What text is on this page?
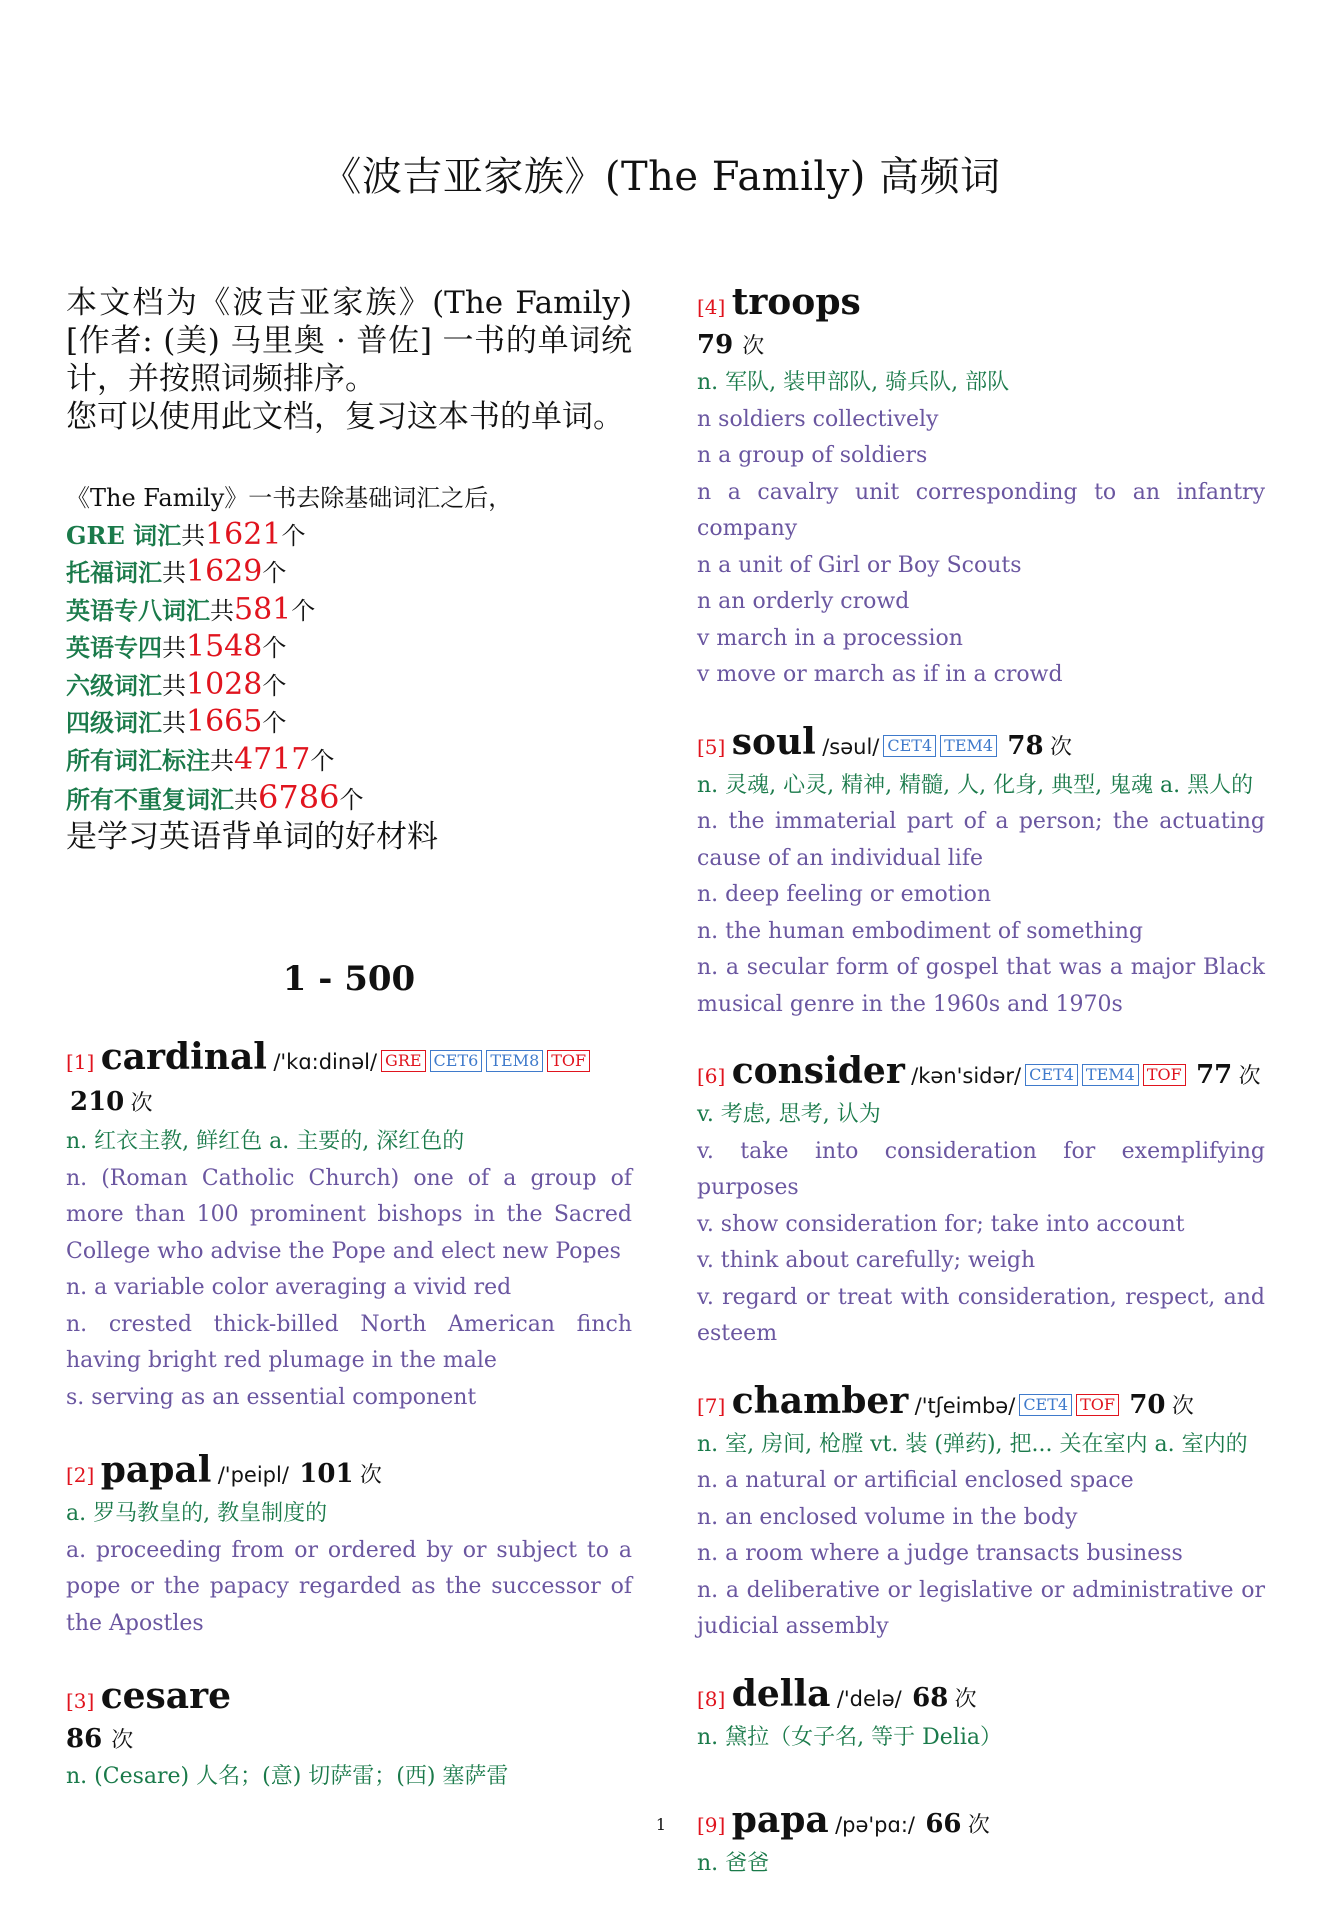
《波吉亚家族》(The Family) 高频词

本文档为《波吉亚家族》(The Family)[作者: (美) 马里奥 · 普佐] 一书的单词统计，并按照词频排序。
您可以使用此文档，复习这本书的单词。

《The Family》一书去除基础词汇之后，
GRE 词汇共1621个
托福词汇共1629个
英语专八词汇共581个
英语专四共1548个
六级词汇共1028个
四级词汇共1665个
所有词汇标注共4717个
所有不重复词汇共6786个
是学习英语背单词的好材料
1 - 500
[1] cardinal /'kɑ:dinəl/ GRE CET6 TEM8 TOF 210 次

n. 红衣主教, 鲜红色 a. 主要的, 深红色的

n. (Roman Catholic Church) one of a group of more than 100 prominent bishops in the Sacred College who advise the Pope and elect new Popes

n. a variable color averaging a vivid red

n. crested thick-billed North American finch having bright red plumage in the male

s. serving as an essential component

[2] papal /'peipl/ 101 次

a. 罗马教皇的, 教皇制度的

a. proceeding from or ordered by or subject to a pope or the papacy regarded as the successor of the Apostles

[3] cesare
86 次

n. (Cesare) 人名；(意) 切萨雷；(西) 塞萨雷

[4] troops
79 次

n. 军队, 装甲部队, 骑兵队, 部队

n soldiers collectively

n a group of soldiers

n a cavalry unit corresponding to an infantry company

n a unit of Girl or Boy Scouts

n an orderly crowd

v march in a procession

v move or march as if in a crowd

[5] soul /səul/ CET4 TEM4 78 次

n. 灵魂, 心灵, 精神, 精髓, 人, 化身, 典型, 鬼魂 a. 黑人的

n. the immaterial part of a person; the actuating cause of an individual life

n. deep feeling or emotion

n. the human embodiment of something

n. a secular form of gospel that was a major Black musical genre in the 1960s and 1970s

[6] consider /kən'sidər/ CET4 TEM4 TOF 77 次

v. 考虑, 思考, 认为

v. take into consideration for exemplifying purposes

v. show consideration for; take into account

v. think about carefully; weigh

v. regard or treat with consideration, respect, and esteem

[7] chamber /'tʃeimbə/ CET4 TOF 70 次

n. 室, 房间, 枪膛 vt. 装 (弹药), 把... 关在室内 a. 室内的

n. a natural or artificial enclosed space

n. an enclosed volume in the body

n. a room where a judge transacts business

n. a deliberative or legislative or administrative or judicial assembly

[8] della /'delə/ 68 次

n. 黛拉（女子名, 等于 Delia）

[9] papa /pə'pɑ:/ 66 次

n. 爸爸

1
